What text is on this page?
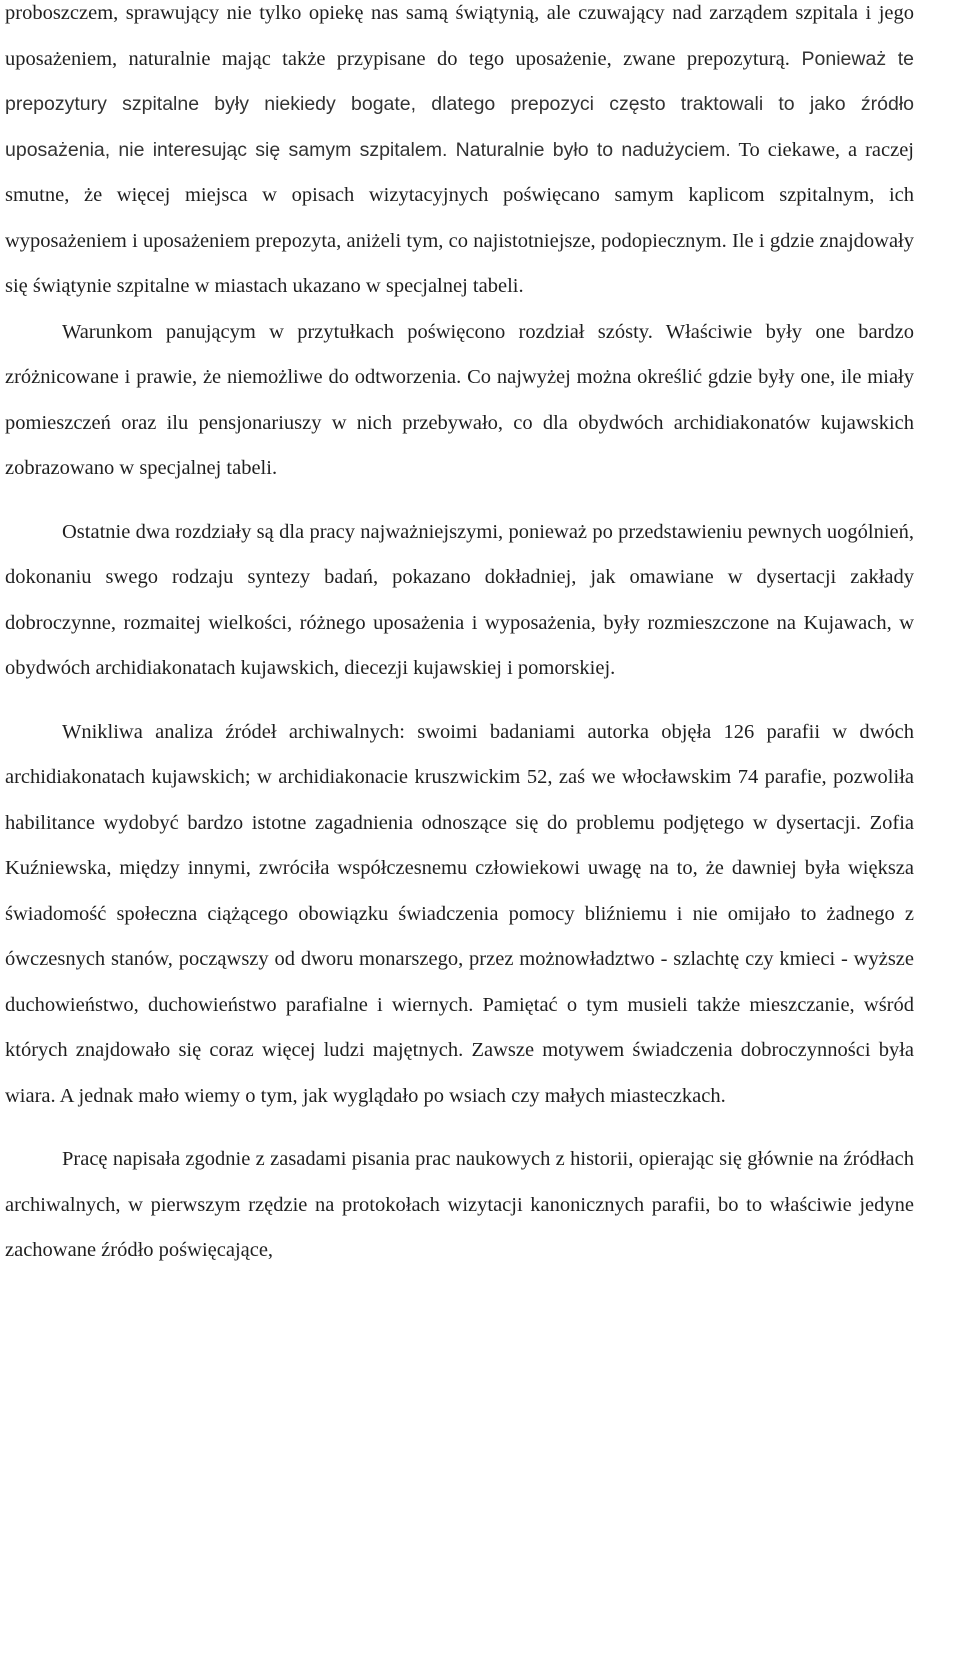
proboszczem, sprawujący nie tylko opiekę nas samą świątynią, ale czuwający nad zarządem szpitala i jego uposażeniem, naturalnie mając także przypisane do tego uposażenie, zwane prepozyturą. Ponieważ te prepozytury szpitalne były niekiedy bogate, dlatego prepozyci często traktowali to jako źródło uposażenia, nie interesując się samym szpitalem. Naturalnie było to nadużyciem. To ciekawe, a raczej smutne, że więcej miejsca w opisach wizytacyjnych poświęcano samym kaplicom szpitalnym, ich wyposażeniem i uposażeniem prepozyta, aniżeli tym, co najistotniejsze, podopiecznym. Ile i gdzie znajdowały się świątynie szpitalne w miastach ukazano w specjalnej tabeli.

Warunkom panującym w przytułkach poświęcono rozdział szósty. Właściwie były one bardzo zróżnicowane i prawie, że niemożliwe do odtworzenia. Co najwyżej można określić gdzie były one, ile miały pomieszczeń oraz ilu pensjonariuszy w nich przebywało, co dla obydwóch archidiakonatów kujawskich zobrazowano w specjalnej tabeli.

Ostatnie dwa rozdziały są dla pracy najważniejszymi, ponieważ po przedstawieniu pewnych uogólnień, dokonaniu swego rodzaju syntezy badań, pokazano dokładniej, jak omawiane w dysertacji zakłady dobroczynne, rozmaitej wielkości, różnego uposażenia i wyposażenia, były rozmieszczone na Kujawach, w obydwóch archidiakonatach kujawskich, diecezji kujawskiej i pomorskiej.

Wnikliwa analiza źródeł archiwalnych: swoimi badaniami autorka objęła 126 parafii w dwóch archidiakonatach kujawskich; w archidiakonacie kruszwickim 52, zaś we włocławskim 74 parafie, pozwoliła habilitance wydobyć bardzo istotne zagadnienia odnoszące się do problemu podjętego w dysertacji. Zofia Kuźniewska, między innymi, zwróciła współczesnemu człowiekowi uwagę na to, że dawniej była większa świadomość społeczna ciążącego obowiązku świadczenia pomocy bliźniemu i nie omijało to żadnego z ówczesnych stanów, począwszy od dworu monarszego, przez możnowładztwo - szlachtę czy kmieci - wyższe duchowieństwo, duchowieństwo parafialne i wiernych. Pamiętać o tym musieli także mieszczanie, wśród których znajdowało się coraz więcej ludzi majętnych. Zawsze motywem świadczenia dobroczynności była wiara. A jednak mało wiemy o tym, jak wyglądało po wsiach czy małych miasteczkach.

Pracę napisała zgodnie z zasadami pisania prac naukowych z historii, opierając się głównie na źródłach archiwalnych, w pierwszym rzędzie na protokołach wizytacji kanonicznych parafii, bo to właściwie jedyne zachowane źródło poświęcające,
